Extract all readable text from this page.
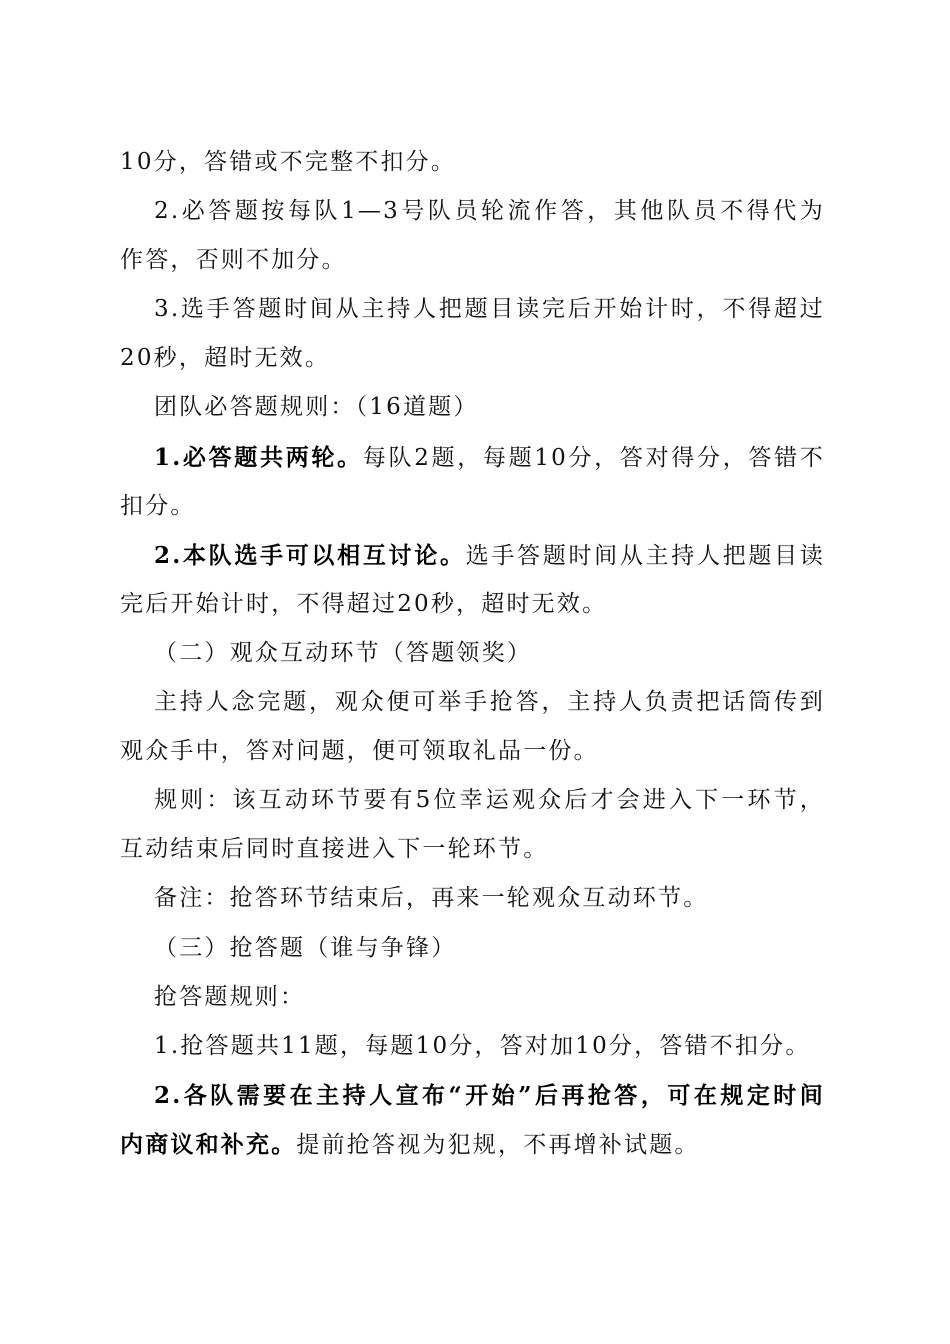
10分，答错或不完整不扣分。
2.必答题按每队1—3号队员轮流作答，其他队员不得代为
作答，否则不加分。
3.选手答题时间从主持人把题目读完后开始计时，不得超过
20秒，超时无效。
团队必答题规则：（16道题）
1.必答题共两轮。每队2题，每题10分，答对得分，答错不
扣分。
2.本队选手可以相互讨论。选手答题时间从主持人把题目读
完后开始计时，不得超过20秒，超时无效。
（二）观众互动环节（答题领奖）
主持人念完题，观众便可举手抢答，主持人负责把话筒传到
观众手中，答对问题，便可领取礼品一份。
规则：该互动环节要有5位幸运观众后才会进入下一环节，
互动结束后同时直接进入下一轮环节。
备注：抢答环节结束后，再来一轮观众互动环节。
（三）抢答题（谁与争锋）
抢答题规则：
1.抢答题共11题，每题10分，答对加10分，答错不扣分。
2.各队需要在主持人宣布“开始”后再抢答，可在规定时间
内商议和补充。提前抢答视为犯规，不再增补试题。
